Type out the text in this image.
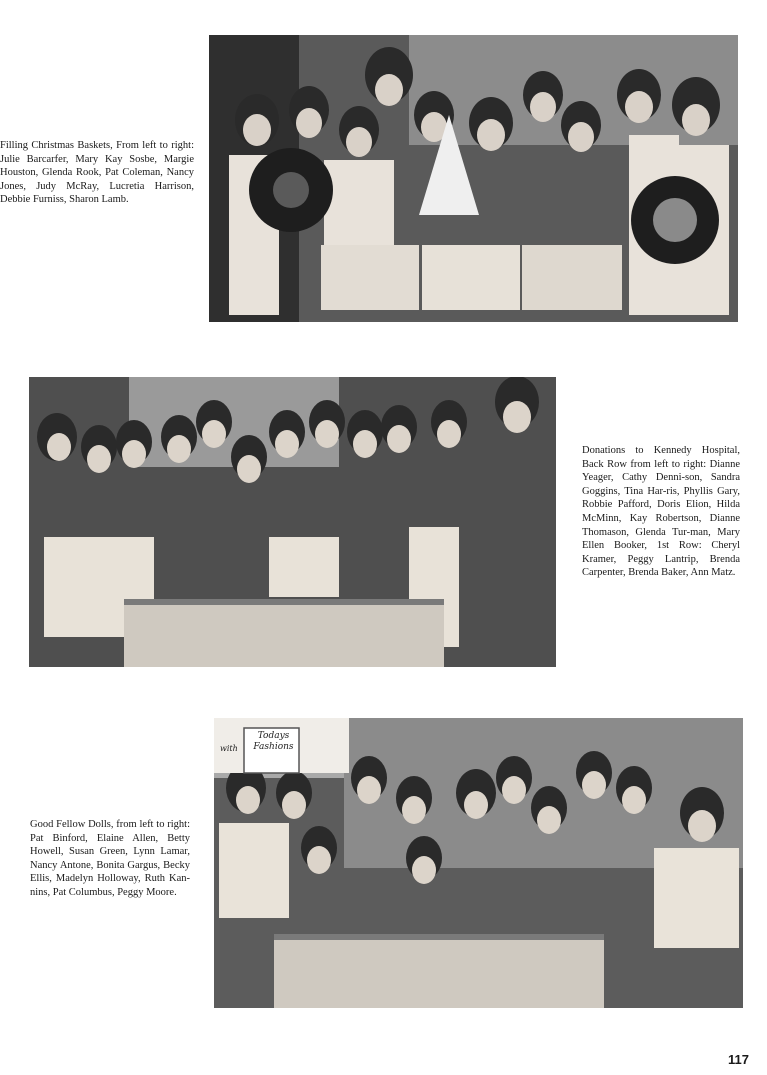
Filling Christmas Baskets, From left to right: Julie Barcarfer, Mary Kay Sosbe, Margie Houston, Glenda Rook, Pat Coleman, Nancy Jones, Judy McRay, Lucretia Harrison, Debbie Furniss, Sharon Lamb.
Donations to Kennedy Hospital, Back Row from left to right: Dianne Yeager, Cathy Denni-son, Sandra Goggins, Tina Har-ris, Phyllis Gary, Robbie Pafford, Doris Elion, Hilda McMinn, Kay Robertson, Dianne Thomason, Glenda Tur-man, Mary Ellen Booker, 1st Row: Cheryl Kramer, Peggy Lantrip, Brenda Carpenter, Brenda Baker, Ann Matz.
Todays
Fashions
with
Good Fellow Dolls, from left to right: Pat Binford, Elaine Allen, Betty Howell, Susan Green, Lynn Lamar, Nancy Antone, Bonita Gargus, Becky Ellis, Madelyn Holloway, Ruth Kan-nins, Pat Columbus, Peggy Moore.
117
